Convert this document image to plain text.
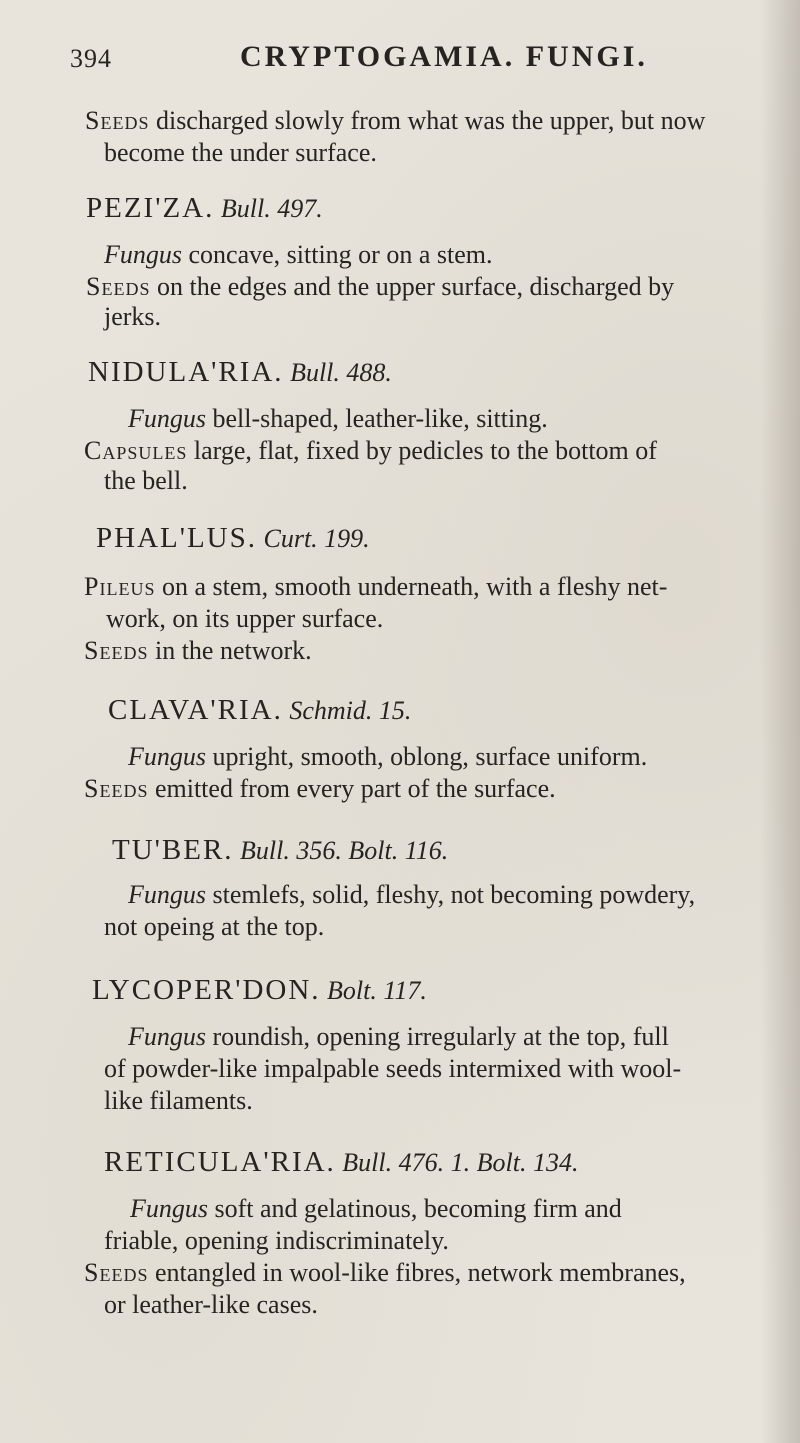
394	CRYPTOGAMIA. FUNGI.
Seeds discharged slowly from what was the upper, but now
become the under surface.
PEZI'ZA. Bull. 497.
Fungus concave, sitting or on a stem.
Seeds on the edges and the upper surface, discharged by
jerks.
NIDULA'RIA. Bull. 488.
Fungus bell-shaped, leather-like, sitting.
Capsules large, flat, fixed by pedicles to the bottom of
the bell.
PHAL'LUS. Curt. 199.
Pileus on a stem, smooth underneath, with a fleshy net-
work, on its upper surface.
Seeds in the network.
CLAVA'RIA. Schmid. 15.
Fungus upright, smooth, oblong, surface uniform.
Seeds emitted from every part of the surface.
TU'BER. Bull. 356. Bolt. 116.
Fungus stemlefs, solid, fleshy, not becoming powdery,
not opeing at the top.
LYCOPER'DON. Bolt. 117.
Fungus roundish, opening irregularly at the top, full
of powder-like impalpable seeds intermixed with wool-
like filaments.
RETICULA'RIA. Bull. 476. 1. Bolt. 134.
Fungus soft and gelatinous, becoming firm and
friable, opening indiscriminately.
Seeds entangled in wool-like fibres, network membranes,
or leather-like cases.
